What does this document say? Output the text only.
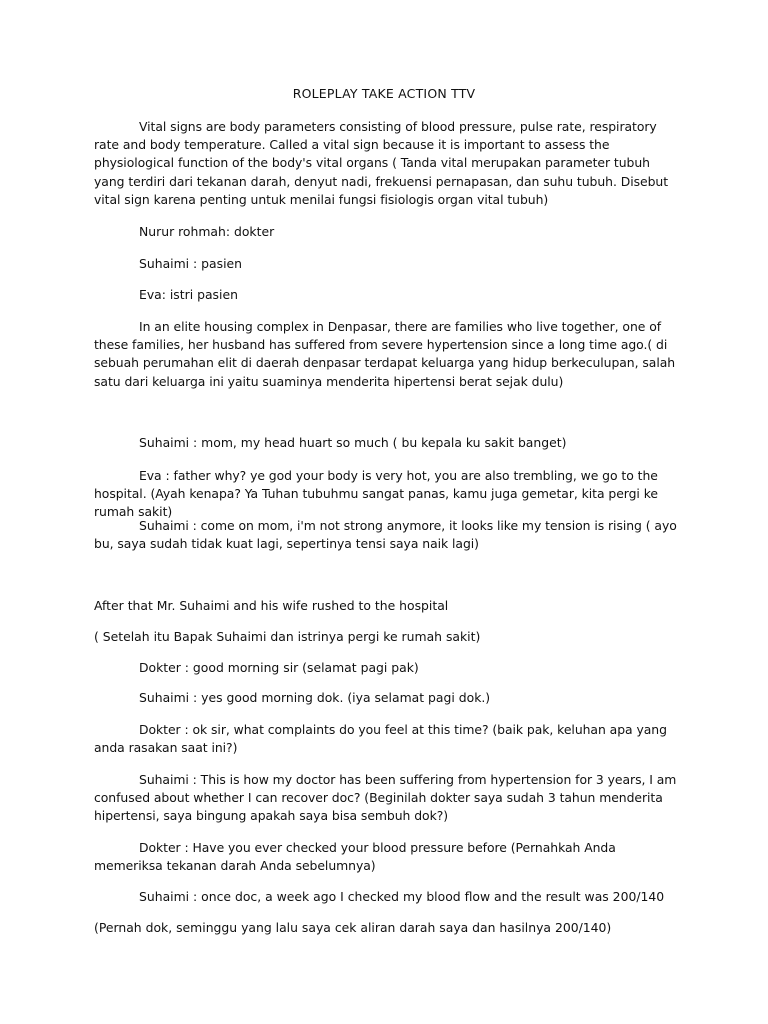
ROLEPLAY TAKE ACTION TTV
Vital signs are body parameters consisting of blood pressure, pulse rate, respiratory rate and body temperature. Called a vital sign because it is important to assess the physiological function of the body's vital organs ( Tanda vital merupakan parameter tubuh yang terdiri dari tekanan darah, denyut nadi, frekuensi pernapasan, dan suhu tubuh. Disebut vital sign karena penting untuk menilai fungsi fisiologis organ vital tubuh)
Nurur rohmah: dokter
Suhaimi : pasien
Eva: istri pasien
In an elite housing complex in Denpasar, there are families who live together, one of these families, her husband has suffered from severe hypertension since a long time ago.( di sebuah perumahan elit di daerah denpasar terdapat keluarga yang hidup berkeculupan, salah satu dari keluarga ini yaitu suaminya menderita hipertensi berat sejak dulu)
Suhaimi : mom, my head huart so much ( bu kepala ku sakit banget)
Eva : father why? ye god your body is very hot, you are also trembling, we go to the hospital. (Ayah kenapa? Ya Tuhan tubuhmu sangat panas, kamu juga gemetar, kita pergi ke rumah sakit)
Suhaimi : come on mom, i'm not strong anymore, it looks like my tension is rising ( ayo bu, saya sudah tidak kuat lagi, sepertinya tensi saya naik lagi)
After that Mr. Suhaimi and his wife rushed to the hospital
( Setelah itu Bapak Suhaimi dan istrinya pergi ke rumah sakit)
Dokter : good morning sir (selamat pagi pak)
Suhaimi : yes good morning dok. (iya selamat pagi dok.)
Dokter : ok sir, what complaints do you feel at this time? (baik pak, keluhan apa yang anda rasakan saat ini?)
Suhaimi : This is how my doctor has been suffering from hypertension for 3 years, I am confused about whether I can recover doc? (Beginilah dokter saya sudah 3 tahun menderita hipertensi, saya bingung apakah saya bisa sembuh dok?)
Dokter : Have you ever checked your blood pressure before (Pernahkah Anda memeriksa tekanan darah Anda sebelumnya)
Suhaimi : once doc, a week ago I checked my blood flow and the result was 200/140
(Pernah dok, seminggu yang lalu saya cek aliran darah saya dan hasilnya 200/140)
